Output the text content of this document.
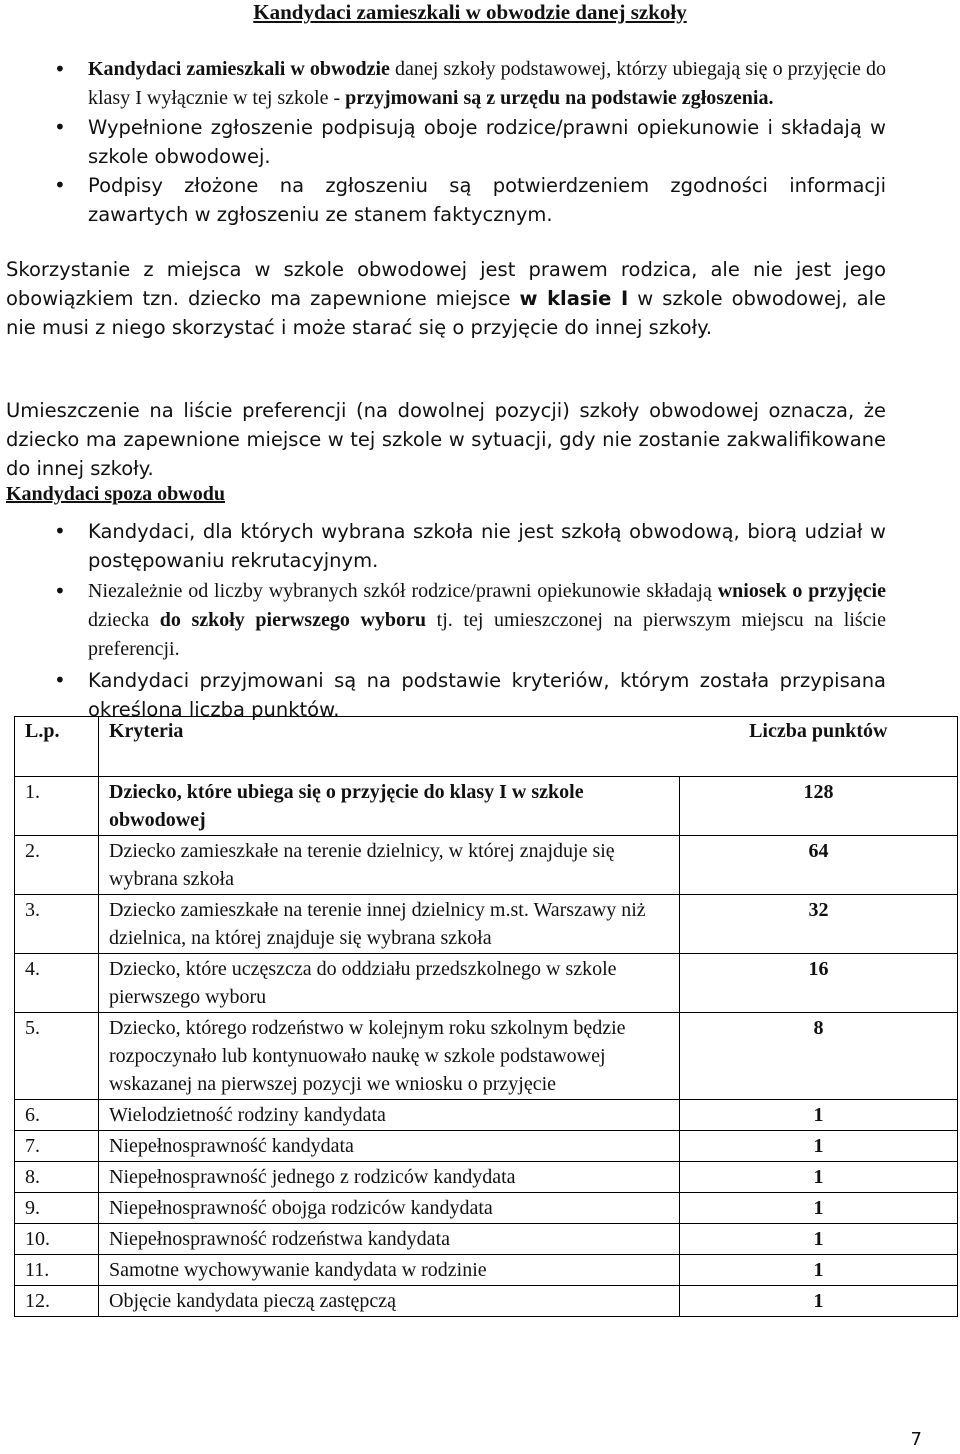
Kandydaci zamieszkali w obwodzie danej szkoły
• Kandydaci zamieszkali w obwodzie danej szkoły podstawowej, którzy ubiegają się o przyjęcie do klasy I wyłącznie w tej szkole - przyjmowani są z urzędu na podstawie zgłoszenia.
• Wypełnione zgłoszenie podpisują oboje rodzice/prawni opiekunowie i składają w szkole obwodowej.
• Podpisy złożone na zgłoszeniu są potwierdzeniem zgodności informacji zawartych w zgłoszeniu ze stanem faktycznym.
Skorzystanie z miejsca w szkole obwodowej jest prawem rodzica, ale nie jest jego obowiązkiem tzn. dziecko ma zapewnione miejsce w klasie I w szkole obwodowej, ale nie musi z niego skorzystać i może starać się o przyjęcie do innej szkoły.
Umieszczenie na liście preferencji (na dowolnej pozycji) szkoły obwodowej oznacza, że dziecko ma zapewnione miejsce w tej szkole w sytuacji, gdy nie zostanie zakwalifikowane do innej szkoły.
Kandydaci spoza obwodu
• Kandydaci, dla których wybrana szkoła nie jest szkołą obwodową, biorą udział w postępowaniu rekrutacyjnym.
• Niezależnie od liczby wybranych szkół rodzice/prawni opiekunowie składają wniosek o przyjęcie dziecka do szkoły pierwszego wyboru tj. tej umieszczonej na pierwszym miejscu na liście preferencji.
• Kandydaci przyjmowani są na podstawie kryteriów, którym została przypisana określona liczba punktów.
L.p.	Kryteria	Liczba punktów
1.	Dziecko, które ubiega się o przyjęcie do klasy I w szkole obwodowej	128
2.	Dziecko zamieszkałe na terenie dzielnicy, w której znajduje się wybrana szkoła	64
3.	Dziecko zamieszkałe na terenie innej dzielnicy m.st. Warszawy niż dzielnica, na której znajduje się wybrana szkoła	32
4.	Dziecko, które uczęszcza do oddziału przedszkolnego w szkole pierwszego wyboru	16
5.	Dziecko, którego rodzeństwo w kolejnym roku szkolnym będzie rozpoczynało lub kontynuowało naukę w szkole podstawowej wskazanej na pierwszej pozycji we wniosku o przyjęcie	8
6.	Wielodzietność rodziny kandydata	1
7.	Niepełnosprawność kandydata	1
8.	Niepełnosprawność jednego z rodziców kandydata	1
9.	Niepełnosprawność obojga rodziców kandydata	1
10.	Niepełnosprawność rodzeństwa kandydata	1
11.	Samotne wychowywanie kandydata w rodzinie	1
12.	Objęcie kandydata pieczą zastępczą	1
7
